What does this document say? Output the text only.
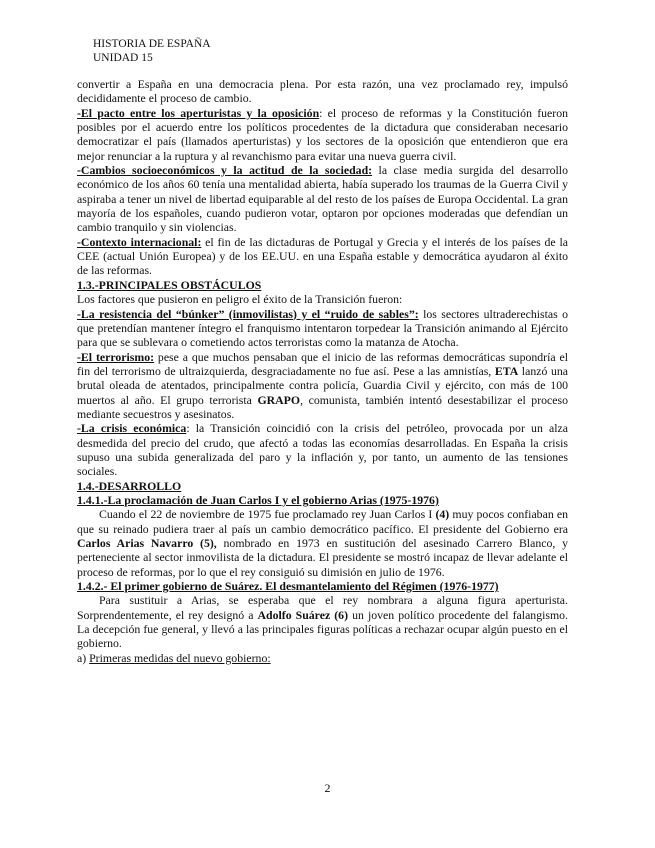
HISTORIA DE ESPAÑA
UNIDAD 15

convertir a España en una democracia plena. Por esta razón, una vez proclamado rey, impulsó decididamente el proceso de cambio.

-El pacto entre los aperturistas y la oposición: el proceso de reformas y la Constitución fueron posibles por el acuerdo entre los políticos procedentes de la dictadura que consideraban necesario democratizar el país (llamados aperturistas) y los sectores de la oposición que entendieron que era mejor renunciar a la ruptura y al revanchismo para evitar una nueva guerra civil.

-Cambios socioeconómicos y la actitud de la sociedad: la clase media surgida del desarrollo económico de los años 60 tenía una mentalidad abierta, había superado los traumas de la Guerra Civil y aspiraba a tener un nivel de libertad equiparable al del resto de los países de Europa Occidental. La gran mayoría de los españoles, cuando pudieron votar, optaron por opciones moderadas que defendían un cambio tranquilo y sin violencias.

-Contexto internacional: el fin de las dictaduras de Portugal y Grecia y el interés de los países de la CEE (actual Unión Europea) y de los EE.UU. en una España estable y democrática ayudaron al éxito de las reformas.

1.3.-PRINCIPALES OBSTÁCULOS

Los factores que pusieron en peligro el éxito de la Transición fueron:

-La resistencia del “búnker” (inmovilistas) y el “ruido de sables”: los sectores ultraderechistas o que pretendían mantener íntegro el franquismo intentaron torpedear la Transición animando al Ejército para que se sublevara o cometiendo actos terroristas como la matanza de Atocha.

-El terrorismo: pese a que muchos pensaban que el inicio de las reformas democráticas supondría el fin del terrorismo de ultraizquierda, desgraciadamente no fue así. Pese a las amnistías, ETA lanzó una brutal oleada de atentados, principalmente contra policía, Guardia Civil y ejército, con más de 100 muertos al año. El grupo terrorista GRAPO, comunista, también intentó desestabilizar el proceso mediante secuestros y asesinatos.

-La crisis económica: la Transición coincidió con la crisis del petróleo, provocada por un alza desmedida del precio del crudo, que afectó a todas las economías desarrolladas. En España la crisis supuso una subida generalizada del paro y la inflación y, por tanto, un aumento de las tensiones sociales.

1.4.-DESARROLLO

1.4.1.-La proclamación de Juan Carlos I y el gobierno Arias (1975-1976)

Cuando el 22 de noviembre de 1975 fue proclamado rey Juan Carlos I (4) muy pocos confiaban en que su reinado pudiera traer al país un cambio democrático pacífico. El presidente del Gobierno era Carlos Arias Navarro (5), nombrado en 1973 en sustitución del asesinado Carrero Blanco, y perteneciente al sector inmovilista de la dictadura. El presidente se mostró incapaz de llevar adelante el proceso de reformas, por lo que el rey consiguió su dimisión en julio de 1976.

1.4.2.- El primer gobierno de Suárez. El desmantelamiento del Régimen (1976-1977)

Para sustituir a Arias, se esperaba que el rey nombrara a alguna figura aperturista. Sorprendentemente, el rey designó a Adolfo Suárez (6) un joven político procedente del falangismo. La decepción fue general, y llevó a las principales figuras políticas a rechazar ocupar algún puesto en el gobierno.

a) Primeras medidas del nuevo gobierno:

2
